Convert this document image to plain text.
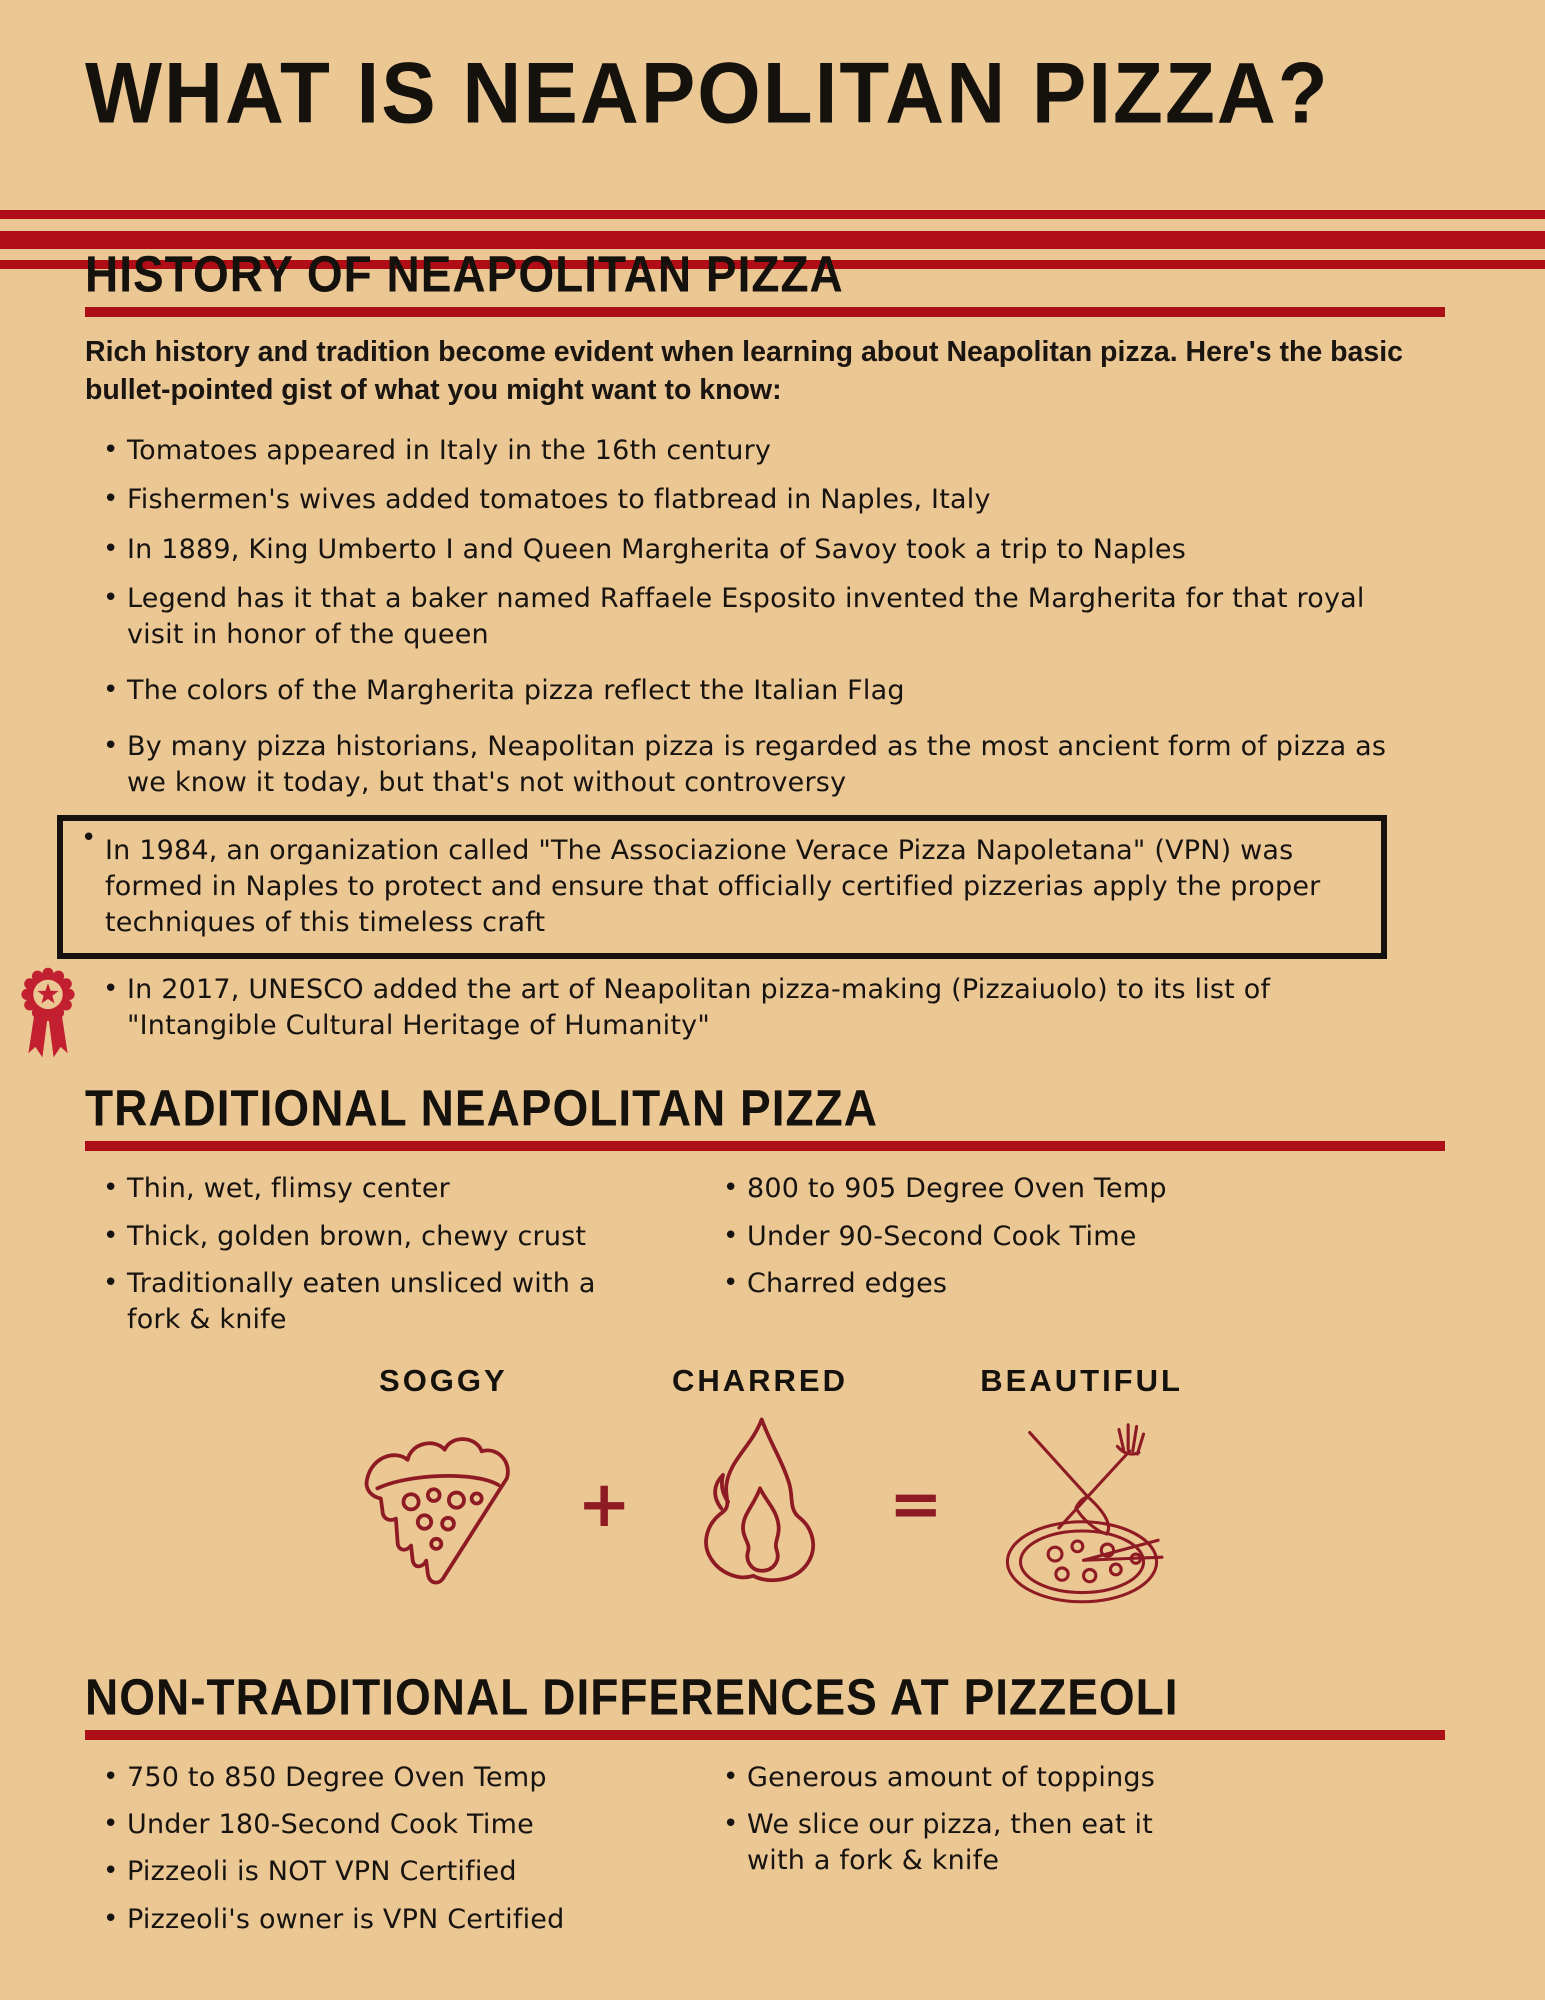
WHAT IS NEAPOLITAN PIZZA?
HISTORY OF NEAPOLITAN PIZZA

Rich history and tradition become evident when learning about Neapolitan pizza. Here's the basic bullet-pointed gist of what you might want to know:

• Tomatoes appeared in Italy in the 16th century
• Fishermen's wives added tomatoes to flatbread in Naples, Italy
• In 1889, King Umberto I and Queen Margherita of Savoy took a trip to Naples
• Legend has it that a baker named Raffaele Esposito invented the Margherita for that royal visit in honor of the queen
• The colors of the Margherita pizza reflect the Italian Flag
• By many pizza historians, Neapolitan pizza is regarded as the most ancient form of pizza as we know it today, but that's not without controversy
• In 1984, an organization called "The Associazione Verace Pizza Napoletana" (VPN) was formed in Naples to protect and ensure that officially certified pizzerias apply the proper techniques of this timeless craft
• In 2017, UNESCO added the art of Neapolitan pizza-making (Pizzaiuolo) to its list of "Intangible Cultural Heritage of Humanity"
TRADITIONAL NEAPOLITAN PIZZA
• Thin, wet, flimsy center
• Thick, golden brown, chewy crust
• Traditionally eaten unsliced with a fork & knife
• 800 to 905 Degree Oven Temp
• Under 90-Second Cook Time
• Charred edges
SOGGY
+
CHARRED
=
BEAUTIFUL
NON-TRADITIONAL DIFFERENCES AT PIZZEOLI
• 750 to 850 Degree Oven Temp
• Under 180-Second Cook Time
• Pizzeoli is NOT VPN Certified
• Pizzeoli's owner is VPN Certified
• Generous amount of toppings
• We slice our pizza, then eat it with a fork & knife
